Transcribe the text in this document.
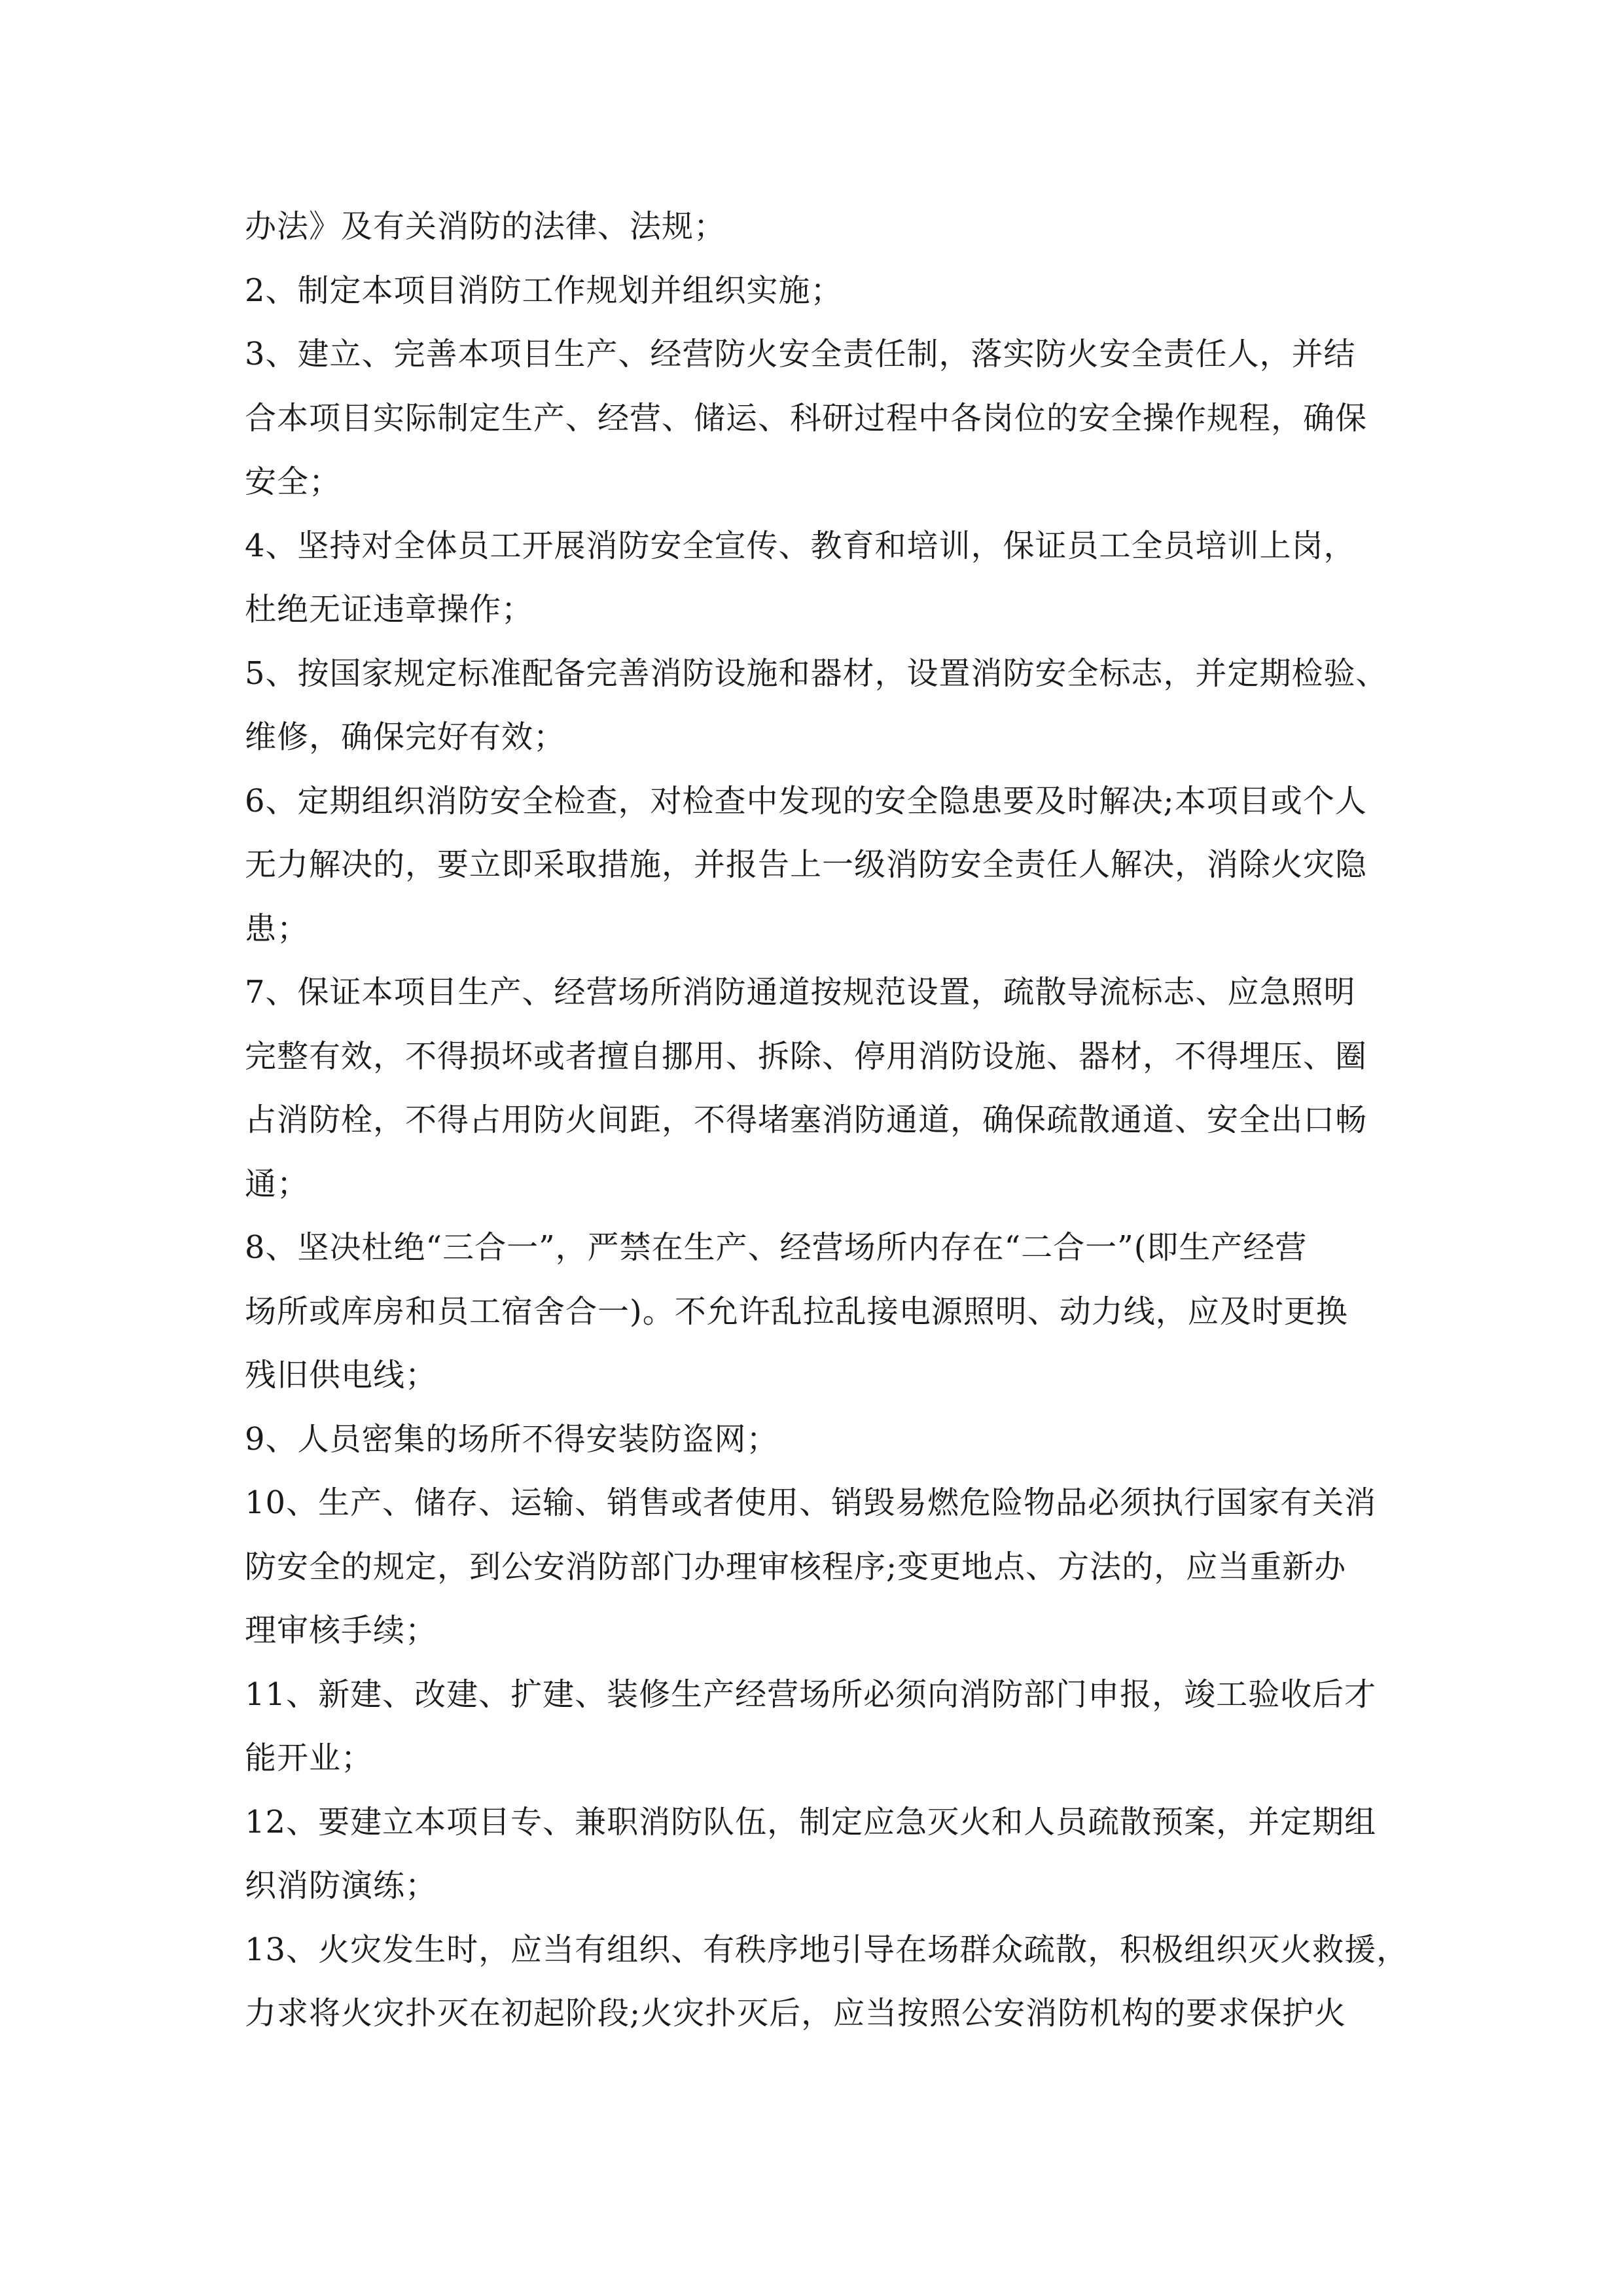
办法》及有关消防的法律、法规；
2、制定本项目消防工作规划并组织实施；
3、建立、完善本项目生产、经营防火安全责任制，落实防火安全责任人，并结
合本项目实际制定生产、经营、储运、科研过程中各岗位的安全操作规程，确保
安全；
4、坚持对全体员工开展消防安全宣传、教育和培训，保证员工全员培训上岗，
杜绝无证违章操作；
5、按国家规定标准配备完善消防设施和器材，设置消防安全标志，并定期检验、
维修，确保完好有效；
6、定期组织消防安全检查，对检查中发现的安全隐患要及时解决;本项目或个人
无力解决的，要立即采取措施，并报告上一级消防安全责任人解决，消除火灾隐
患；
7、保证本项目生产、经营场所消防通道按规范设置，疏散导流标志、应急照明
完整有效，不得损坏或者擅自挪用、拆除、停用消防设施、器材，不得埋压、圈
占消防栓，不得占用防火间距，不得堵塞消防通道，确保疏散通道、安全出口畅
通；
8、坚决杜绝“三合一”，严禁在生产、经营场所内存在“二合一”(即生产经营
场所或库房和员工宿舍合一)。不允许乱拉乱接电源照明、动力线，应及时更换
残旧供电线；
9、人员密集的场所不得安装防盗网；
10、生产、储存、运输、销售或者使用、销毁易燃危险物品必须执行国家有关消
防安全的规定，到公安消防部门办理审核程序;变更地点、方法的，应当重新办
理审核手续；
11、新建、改建、扩建、装修生产经营场所必须向消防部门申报，竣工验收后才
能开业；
12、要建立本项目专、兼职消防队伍，制定应急灭火和人员疏散预案，并定期组
织消防演练；
13、火灾发生时，应当有组织、有秩序地引导在场群众疏散，积极组织灭火救援，
力求将火灾扑灭在初起阶段;火灾扑灭后，应当按照公安消防机构的要求保护火
